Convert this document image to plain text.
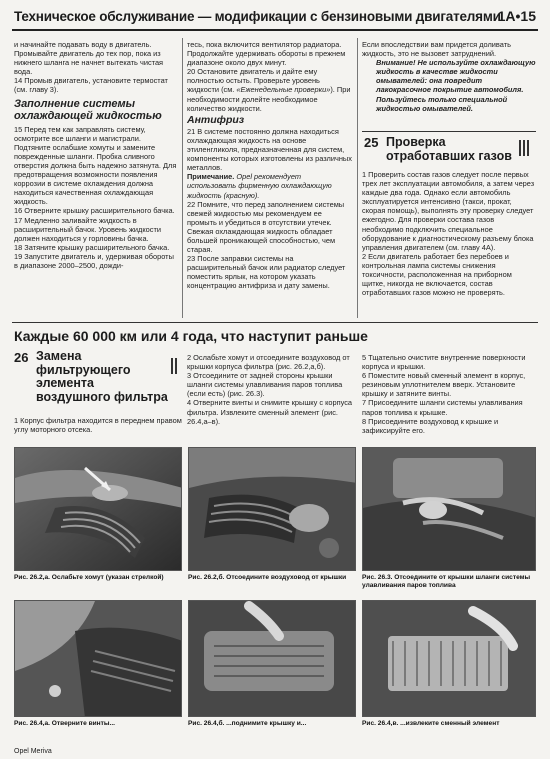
Техническое обслуживание — модификации с бензиновыми двигателями
1A•15

и начинайте подавать воду в двигатель. Промывайте двигатель до тех пор, пока из нижнего шланга не начнет вытекать чистая вода.

14 Промыв двигатель, установите термостат (см. главу 3).

Заполнение системы охлаждающей жидкостью

15 Перед тем как заправлять систему, осмотрите все шланги и магистрали. Подтяните ослабшие хомуты и замените поврежденные шланги. Пробка сливного отверстия должна быть надежно затянута. Для предотвращения возможности появления коррозии в системе охлаждения должна находиться качественная охлаждающая жидкость.

16 Отверните крышку расширительного бачка.

17 Медленно заливайте жидкость в расширительный бачок. Уровень жидкости должен находиться у горловины бачка.

18 Затяните крышку расширительного бачка.

19 Запустите двигатель и, удерживая обороты в диапазоне 2000–2500, дожди-

тесь, пока включится вентилятор радиатора. Продолжайте удерживать обороты в прежнем диапазоне около двух минут.

20 Остановите двигатель и дайте ему полностью остыть. Проверьте уровень жидкости (см. «Еженедельные проверки»). При необходимости долейте необходимое количество жидкости.

Антифриз

21 В системе постоянно должна находиться охлаждающая жидкость на основе этиленгликоля, предназначенная для систем, компоненты которых изготовлены из различных металлов.

Примечание. Opel рекомендует использовать фирменную охлаждающую жидкость (красную).

22 Помните, что перед заполнением системы свежей жидкостью мы рекомендуем ее промыть и убедиться в отсутствии утечек. Свежая охлаждающая жидкость обладает большей проникающей способностью, чем старая.

23 После заправки системы на расширительный бачок или радиатор следует поместить ярлык, на котором указать концентрацию антифриза и дату замены.

Если впоследствии вам придется доливать жидкость, это не вызовет затруднений.

Внимание! Не используйте охлаждающую жидкость в качестве жидкости омывателей: она повредит лакокрасочное покрытие автомобиля. Пользуйтесь только специальной жидкостью омывателей.

25 Проверка отработавших газов

1 Проверить состав газов следует после первых трех лет эксплуатации автомобиля, а затем через каждые два года. Однако если автомобиль эксплуатируется интенсивно (такси, прокат, скорая помощь), выполнять эту проверку следует ежегодно. Для проверки состава газов необходимо подключить специальное оборудование к диагностическому разъему блока управления двигателем (см. главу 4A).

2 Если двигатель работает без перебоев и контрольная лампа системы снижения токсичности, расположенная на приборном щитке, никогда не включается, состав отработавших газов можно не проверять.

Каждые 60 000 км или 4 года, что наступит раньше
26 Замена
фильтрующего
элемента
воздушного фильтра

1 Корпус фильтра находится в переднем правом углу моторного отсека.

2 Ослабьте хомут и отсоедините воздуховод от крышки корпуса фильтра (рис. 26.2,а,б).

3 Отсоедините от задней стороны крышки шланги системы улавливания паров топлива (если есть) (рис. 26.3).

4 Отверните винты и снимите крышку с корпуса фильтра. Извлеките сменный элемент (рис. 26.4,а–в).

5 Тщательно очистите внутренние поверхности корпуса и крышки.

6 Поместите новый сменный элемент в корпус, резиновым уплотнителем вверх. Установите крышку и затяните винты.

7 Присоедините шланги системы улавливания паров топлива к крышке.

8 Присоедините воздуховод к крышке и зафиксируйте его.

Рис. 26.2,а. Ослабьте хомут (указан стрелкой)	Рис. 26.2,б. Отсоедините воздуховод от крышки	Рис. 26.3. Отсоедините от крышки шланги системы улавливания паров топлива
Рис. 26.4,а. Отверните винты...	Рис. 26.4,б. ...поднимите крышку и...	Рис. 26.4,в. ...извлеките сменный элемент
Opel Meriva
